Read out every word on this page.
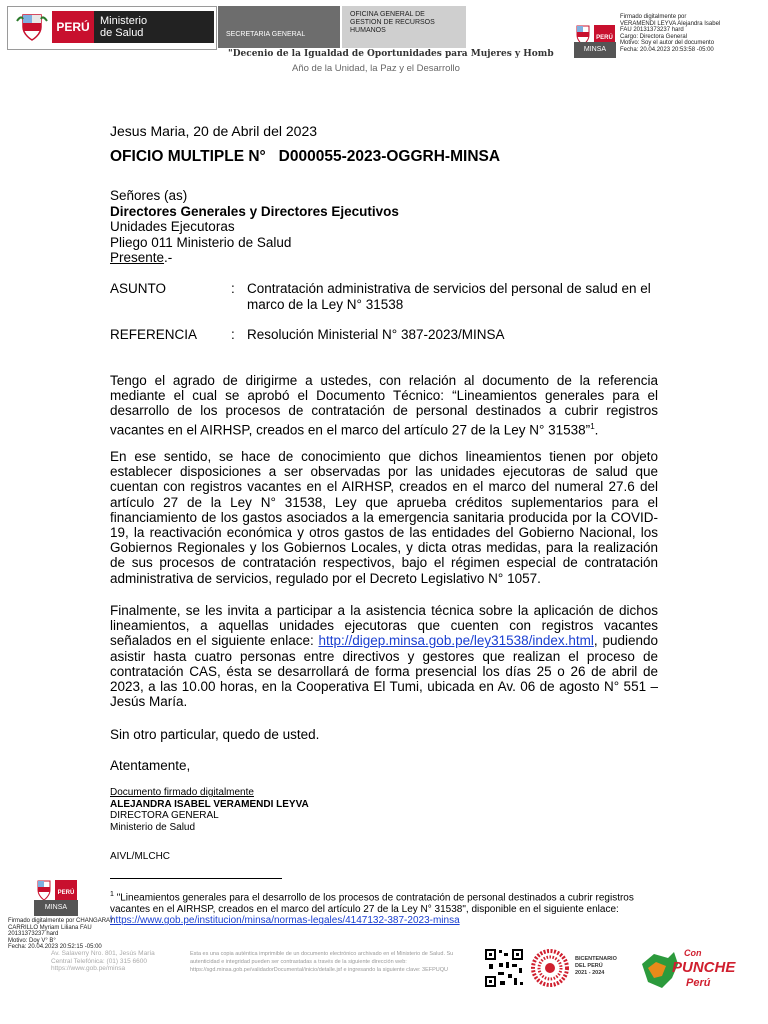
PERÚ Ministerio
de Salud	SECRETARIA GENERAL
OFICINA GENERAL DE
GESTION DE RECURSOS
HUMANOS
"Decenio de la Igualdad de Oportunidades para Mujeres y Homb
Año de la Unidad, la Paz y el Desarrollo
PERÚ
MINSA
Firmado digitalmente por
VERAMENDI LEYVA Alejandra Isabel
FAU 20131373237 hard
Cargo: Directora General
Motivo: Soy el autor del documento
Fecha: 20.04.2023 20:53:58 -05:00
Jesus Maria, 20 de Abril del 2023
OFICIO MULTIPLE N° D000055-2023-OGGRH-MINSA
Señores (as)
Directores Generales y Directores Ejecutivos
Unidades Ejecutoras
Pliego 011 Ministerio de Salud
Presente.-
ASUNTO	: Contratación administrativa de servicios del personal de salud en el marco de la Ley N° 31538
REFERENCIA	: Resolución Ministerial N° 387-2023/MINSA
Tengo el agrado de dirigirme a ustedes, con relación al documento de la referencia mediante el cual se aprobó el Documento Técnico: “Lineamientos generales para el desarrollo de los procesos de contratación de personal destinados a cubrir registros vacantes en el AIRHSP, creados en el marco del artículo 27 de la Ley N° 31538”$^1$.
En ese sentido, se hace de conocimiento que dichos lineamientos tienen por objeto establecer disposiciones a ser observadas por las unidades ejecutoras de salud que cuentan con registros vacantes en el AIRHSP, creados en el marco del numeral 27.6 del artículo 27 de la Ley N° 31538, Ley que aprueba créditos suplementarios para el financiamiento de los gastos asociados a la emergencia sanitaria producida por la COVID-19, la reactivación económica y otros gastos de las entidades del Gobierno Nacional, los Gobiernos Regionales y los Gobiernos Locales, y dicta otras medidas, para la realización de sus procesos de contratación respectivos, bajo el régimen especial de contratación administrativa de servicios, regulado por el Decreto Legislativo N° 1057.
Finalmente, se les invita a participar a la asistencia técnica sobre la aplicación de dichos lineamientos, a aquellas unidades ejecutoras que cuenten con registros vacantes señalados en el siguiente enlace: http://digep.minsa.gob.pe/ley31538/index.html, pudiendo asistir hasta cuatro personas entre directivos y gestores que realizan el proceso de contratación CAS, ésta se desarrollará de forma presencial los días 25 o 26 de abril de 2023, a las 10.00 horas, en la Cooperativa El Tumi, ubicada en Av. 06 de agosto N° 551 – Jesús María.
Sin otro particular, quedo de usted.
Atentamente,
Documento firmado digitalmente
ALEJANDRA ISABEL VERAMENDI LEYVA
DIRECTORA GENERAL
Ministerio de Salud
AIVL/MLCHC
$^1$ "Lineamientos generales para el desarrollo de los procesos de contratación de personal destinados a cubrir registros vacantes en el AIRHSP, creados en el marco del artículo 27 de la Ley N° 31538", disponible en el siguiente enlace: https://www.gob.pe/institucion/minsa/normas-legales/4147132-387-2023-minsa
PERÚ
MINSA
Firmado digitalmente por CHANGARAY
CARRILLO Myriam Liliana FAU
20131373237 hard
Motivo: Doy V° B°
Fecha: 20.04.2023 20:52:15 -05:00
Av. Salaverry Nro. 801, Jesús María
Central Telefónica: (01) 315 6600
https://www.gob.pe/minsa
Esta es una copia auténtica imprimible de un documento electrónico archivado en el Ministerio de Salud. Su autenticidad e integridad pueden ser contrastadas a través de la siguiente dirección web: https://sgd.minsa.gob.pe/validadorDocumental/inicio/detalle.jsf e ingresando la siguiente clave: 3EFPUQU
BICENTENARIO
DEL PERÚ
2021 - 2024
Con
PUNCHE
Perú
